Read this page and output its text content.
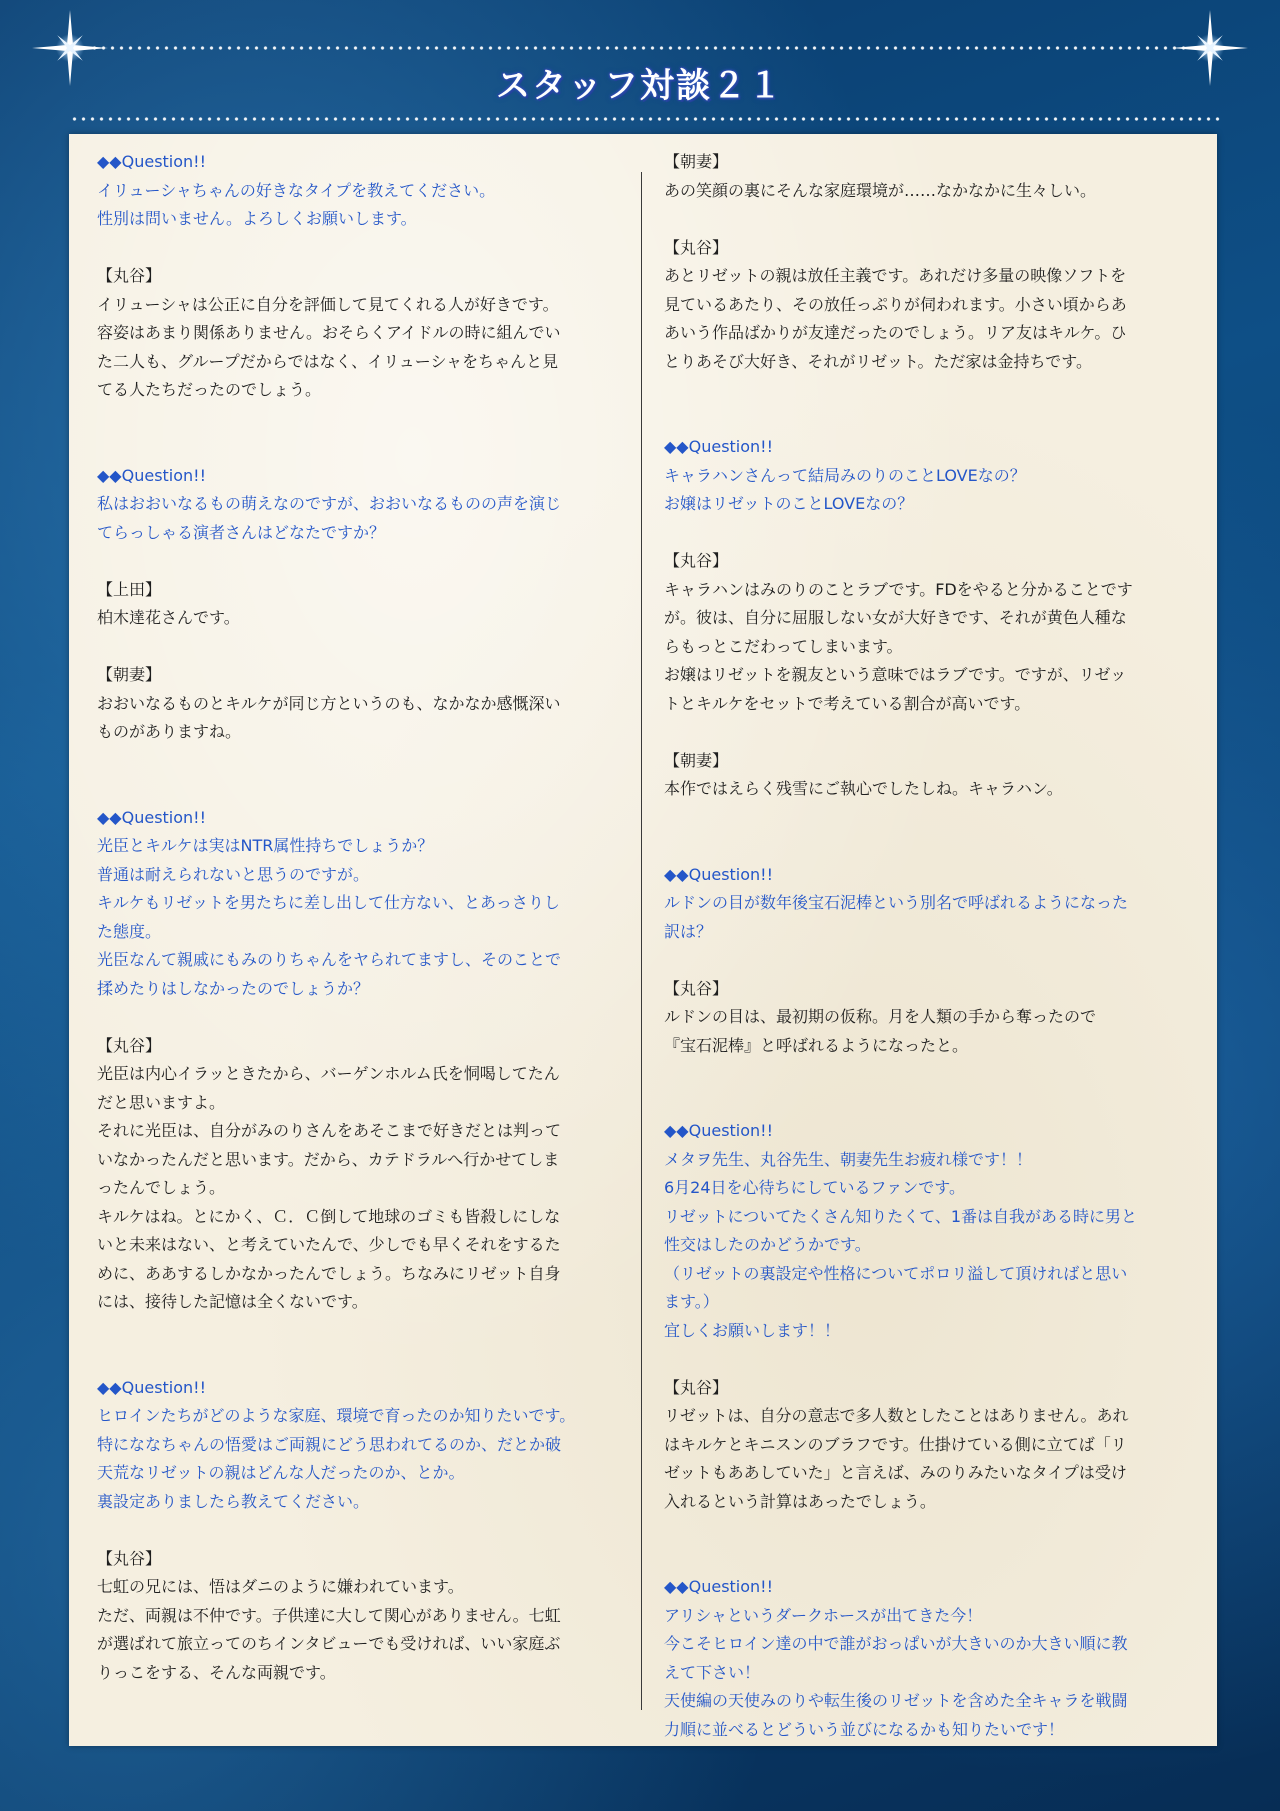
スタッフ対談２１

◆◆Question!!
イリューシャちゃんの好きなタイプを教えてください。
性別は問いません。よろしくお願いします。

【丸谷】
イリューシャは公正に自分を評価して見てくれる人が好きです。
容姿はあまり関係ありません。おそらくアイドルの時に組んでい
た二人も、グループだからではなく、イリューシャをちゃんと見
てる人たちだったのでしょう。

◆◆Question!!
私はおおいなるもの萌えなのですが、おおいなるものの声を演じ
てらっしゃる演者さんはどなたですか？

【上田】
柏木達花さんです。

【朝妻】
おおいなるものとキルケが同じ方というのも、なかなか感慨深い
ものがありますね。

◆◆Question!!
光臣とキルケは実はNTR属性持ちでしょうか？
普通は耐えられないと思うのですが。
キルケもリゼットを男たちに差し出して仕方ない、とあっさりし
た態度。
光臣なんて親戚にもみのりちゃんをヤられてますし、そのことで
揉めたりはしなかったのでしょうか？

【丸谷】
光臣は内心イラッときたから、バーゲンホルム氏を恫喝してたん
だと思いますよ。
それに光臣は、自分がみのりさんをあそこまで好きだとは判って
いなかったんだと思います。だから、カテドラルへ行かせてしま
ったんでしょう。
キルケはね。とにかく、Ｃ．Ｃ倒して地球のゴミも皆殺しにしな
いと未来はない、と考えていたんで、少しでも早くそれをするた
めに、ああするしかなかったんでしょう。ちなみにリゼット自身
には、接待した記憶は全くないです。

◆◆Question!!
ヒロインたちがどのような家庭、環境で育ったのか知りたいです。
特にななちゃんの悟愛はご両親にどう思われてるのか、だとか破
天荒なリゼットの親はどんな人だったのか、とか。
裏設定ありましたら教えてください。

【丸谷】
七虹の兄には、悟はダニのように嫌われています。
ただ、両親は不仲です。子供達に大して関心がありません。七虹
が選ばれて旅立ってのちインタビューでも受ければ、いい家庭ぶ
りっこをする、そんな両親です。

【朝妻】
あの笑顔の裏にそんな家庭環境が……なかなかに生々しい。

【丸谷】
あとリゼットの親は放任主義です。あれだけ多量の映像ソフトを
見ているあたり、その放任っぷりが伺われます。小さい頃からあ
あいう作品ばかりが友達だったのでしょう。リア友はキルケ。ひ
とりあそび大好き、それがリゼット。ただ家は金持ちです。

◆◆Question!!
キャラハンさんって結局みのりのことLOVEなの？
お嬢はリゼットのことLOVEなの？

【丸谷】
キャラハンはみのりのことラブです。FDをやると分かることです
が。彼は、自分に屈服しない女が大好きです、それが黄色人種な
らもっとこだわってしまいます。
お嬢はリゼットを親友という意味ではラブです。ですが、リゼッ
トとキルケをセットで考えている割合が高いです。

【朝妻】
本作ではえらく残雪にご執心でしたしね。キャラハン。

◆◆Question!!
ルドンの目が数年後宝石泥棒という別名で呼ばれるようになった
訳は？

【丸谷】
ルドンの目は、最初期の仮称。月を人類の手から奪ったので
『宝石泥棒』と呼ばれるようになったと。

◆◆Question!!
メタヲ先生、丸谷先生、朝妻先生お疲れ様です！！
6月24日を心待ちにしているファンです。
リゼットについてたくさん知りたくて、1番は自我がある時に男と
性交はしたのかどうかです。
（リゼットの裏設定や性格についてポロリ溢して頂ければと思い
ます。）
宜しくお願いします！！

【丸谷】
リゼットは、自分の意志で多人数としたことはありません。あれ
はキルケとキニスンのブラフです。仕掛けている側に立てば「リ
ゼットもああしていた」と言えば、みのりみたいなタイプは受け
入れるという計算はあったでしょう。

◆◆Question!!
アリシャというダークホースが出てきた今！
今こそヒロイン達の中で誰がおっぱいが大きいのか大きい順に教
えて下さい！
天使編の天使みのりや転生後のリゼットを含めた全キャラを戦闘
力順に並べるとどういう並びになるかも知りたいです！
